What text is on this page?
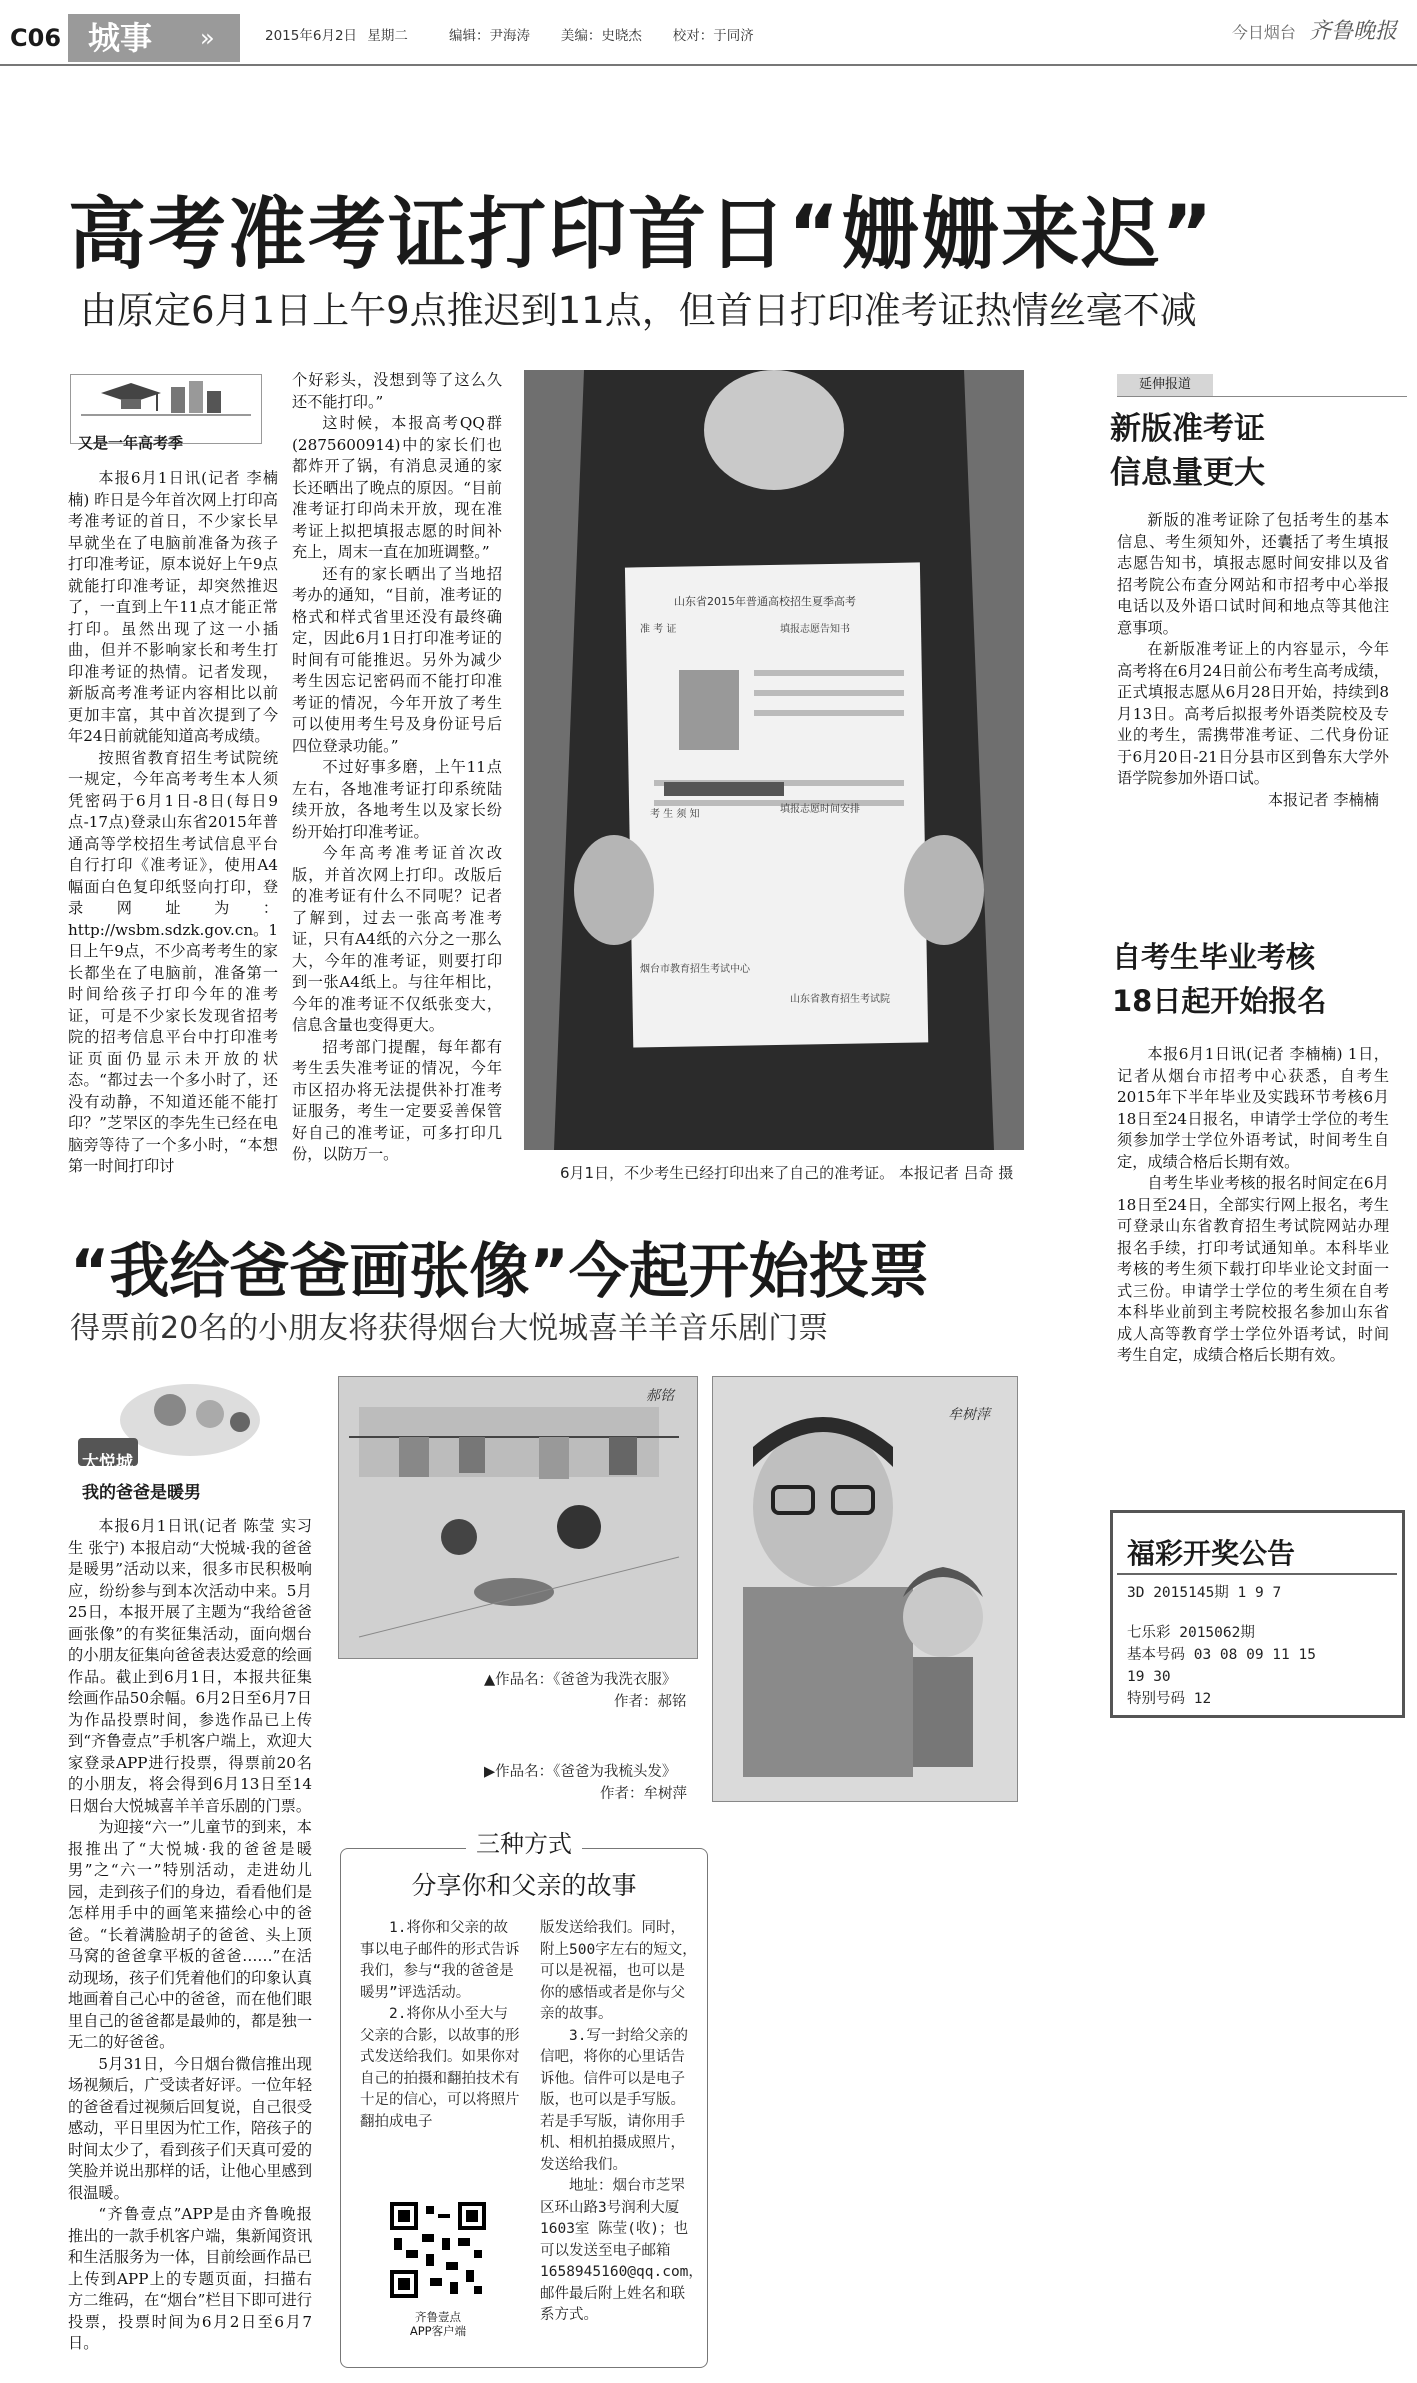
C06 城事	»	2015年6月2日 星期二	编辑：尹海涛 美编：史晓杰 校对：于同济	今日烟台 齐鲁晚报
高考准考证打印首日“姗姗来迟”
由原定6月1日上午9点推迟到11点，但首日打印准考证热情丝毫不减
又是一年高考季

本报6月1日讯(记者 李楠楠) 昨日是今年首次网上打印高考准考证的首日，不少家长早早就坐在了电脑前准备为孩子打印准考证，原本说好上午9点就能打印准考证，却突然推迟了，一直到上午11点才能正常打印。虽然出现了这一小插曲，但并不影响家长和考生打印准考证的热情。记者发现，新版高考准考证内容相比以前更加丰富，其中首次提到了今年24日前就能知道高考成绩。

按照省教育招生考试院统一规定，今年高考考生本人须凭密码于6月1日-8日(每日9点-17点)登录山东省2015年普通高等学校招生考试信息平台自行打印《准考证》，使用A4幅面白色复印纸竖向打印，登录网址为：http://wsbm.sdzk.gov.cn。1日上午9点，不少高考考生的家长都坐在了电脑前，准备第一时间给孩子打印今年的准考证，可是不少家长发现省招考院的招考信息平台中打印准考证页面仍显示未开放的状态。“都过去一个多小时了，还没有动静，不知道还能不能打印？”芝罘区的李先生已经在电脑旁等待了一个多小时，“本想第一时间打印讨

个好彩头，没想到等了这么久还不能打印。”

这时候，本报高考QQ群(2875600914)中的家长们也都炸开了锅，有消息灵通的家长还晒出了晚点的原因。“目前准考证打印尚未开放，现在准考证上拟把填报志愿的时间补充上，周末一直在加班调整。”

还有的家长晒出了当地招考办的通知，“目前，准考证的格式和样式省里还没有最终确定，因此6月1日打印准考证的时间有可能推迟。另外为减少考生因忘记密码而不能打印准考证的情况，今年开放了考生可以使用考生号及身份证号后四位登录功能。”

不过好事多磨，上午11点左右，各地准考证打印系统陆续开放，各地考生以及家长纷纷开始打印准考证。

今年高考准考证首次改版，并首次网上打印。改版后的准考证有什么不同呢？记者了解到，过去一张高考准考证，只有A4纸的六分之一那么大，今年的准考证，则要打印到一张A4纸上。与往年相比，今年的准考证不仅纸张变大，信息含量也变得更大。

招考部门提醒，每年都有考生丢失准考证的情况，今年市区招办将无法提供补打准考证服务，考生一定要妥善保管好自己的准考证，可多打印几份，以防万一。

山东省2015年普通高校招生夏季高考
准 考 证	填报志愿告知书
考 生 须 知	填报志愿时间安排
烟台市教育招生考试中心
山东省教育招生考试院
6月1日，不少考生已经打印出来了自己的准考证。 本报记者 吕奇 摄
延伸报道
新版准考证
信息量更大

新版的准考证除了包括考生的基本信息、考生须知外，还囊括了考生填报志愿告知书，填报志愿时间安排以及省招考院公布查分网站和市招考中心举报电话以及外语口试时间和地点等其他注意事项。

在新版准考证上的内容显示，今年高考将在6月24日前公布考生高考成绩，正式填报志愿从6月28日开始，持续到8月13日。高考后拟报考外语类院校及专业的考生，需携带准考证、二代身份证于6月20日-21日分县市区到鲁东大学外语学院参加外语口试。

本报记者 李楠楠

自考生毕业考核
18日起开始报名

本报6月1日讯(记者 李楠楠) 1日，记者从烟台市招考中心获悉，自考生2015年下半年毕业及实践环节考核6月18日至24日报名，申请学士学位的考生须参加学士学位外语考试，时间考生自定，成绩合格后长期有效。

自考生毕业考核的报名时间定在6月18日至24日，全部实行网上报名，考生可登录山东省教育招生考试院网站办理报名手续，打印考试通知单。本科毕业考核的考生须下载打印毕业论文封面一式三份。申请学士学位的考生须在自考本科毕业前到主考院校报名参加山东省成人高等教育学士学位外语考试，时间考生自定，成绩合格后长期有效。

福彩开奖公告
3D 2015145期 1 9 7
七乐彩 2015062期
基本号码 03 08 09 11 15
19 30
特别号码 12
“我给爸爸画张像”今起开始投票
得票前20名的小朋友将获得烟台大悦城喜羊羊音乐剧门票
大悦城
我的爸爸是暖男

本报6月1日讯(记者 陈莹 实习生 张宁) 本报启动“大悦城·我的爸爸是暖男”活动以来，很多市民积极响应，纷纷参与到本次活动中来。5月25日，本报开展了主题为“我给爸爸画张像”的有奖征集活动，面向烟台的小朋友征集向爸爸表达爱意的绘画作品。截止到6月1日，本报共征集绘画作品50余幅。6月2日至6月7日为作品投票时间，参选作品已上传到“齐鲁壹点”手机客户端上，欢迎大家登录APP进行投票，得票前20名的小朋友，将会得到6月13日至14日烟台大悦城喜羊羊音乐剧的门票。

为迎接“六一”儿童节的到来，本报推出了“大悦城·我的爸爸是暖男”之“六一”特别活动，走进幼儿园，走到孩子们的身边，看看他们是怎样用手中的画笔来描绘心中的爸爸。“长着满脸胡子的爸爸、头上顶马窝的爸爸拿平板的爸爸……”在活动现场，孩子们凭着他们的印象认真地画着自己心中的爸爸，而在他们眼里自己的爸爸都是最帅的，都是独一无二的好爸爸。

5月31日，今日烟台微信推出现场视频后，广受读者好评。一位年轻的爸爸看过视频后回复说，自己很受感动，平日里因为忙工作，陪孩子的时间太少了，看到孩子们天真可爱的笑脸并说出那样的话，让他心里感到很温暖。

“齐鲁壹点”APP是由齐鲁晚报推出的一款手机客户端，集新闻资讯和生活服务为一体，目前绘画作品已上传到APP上的专题页面，扫描右方二维码，在“烟台”栏目下即可进行投票，投票时间为6月2日至6月7日。

郝铭
▲作品名：《爸爸为我洗衣服》
作者：郝铭
牟树萍
▶作品名：《爸爸为我梳头发》
作者：牟树萍
三种方式
分享你和父亲的故事

1.将你和父亲的故事以电子邮件的形式告诉我们，参与“我的爸爸是暖男”评选活动。

2.将你从小至大与父亲的合影，以故事的形式发送给我们。如果你对自己的拍摄和翻拍技术有十足的信心，可以将照片翻拍成电子

版发送给我们。同时，附上500字左右的短文，可以是祝福，也可以是你的感悟或者是你与父亲的故事。

3.写一封给父亲的信吧，将你的心里话告诉他。信件可以是电子版，也可以是手写版。若是手写版，请你用手机、相机拍摄成照片，发送给我们。

地址：烟台市芝罘区环山路3号润利大厦1603室 陈莹(收)；也可以发送至电子邮箱1658945160@qq.com，邮件最后附上姓名和联系方式。

齐鲁壹点
APP客户端
